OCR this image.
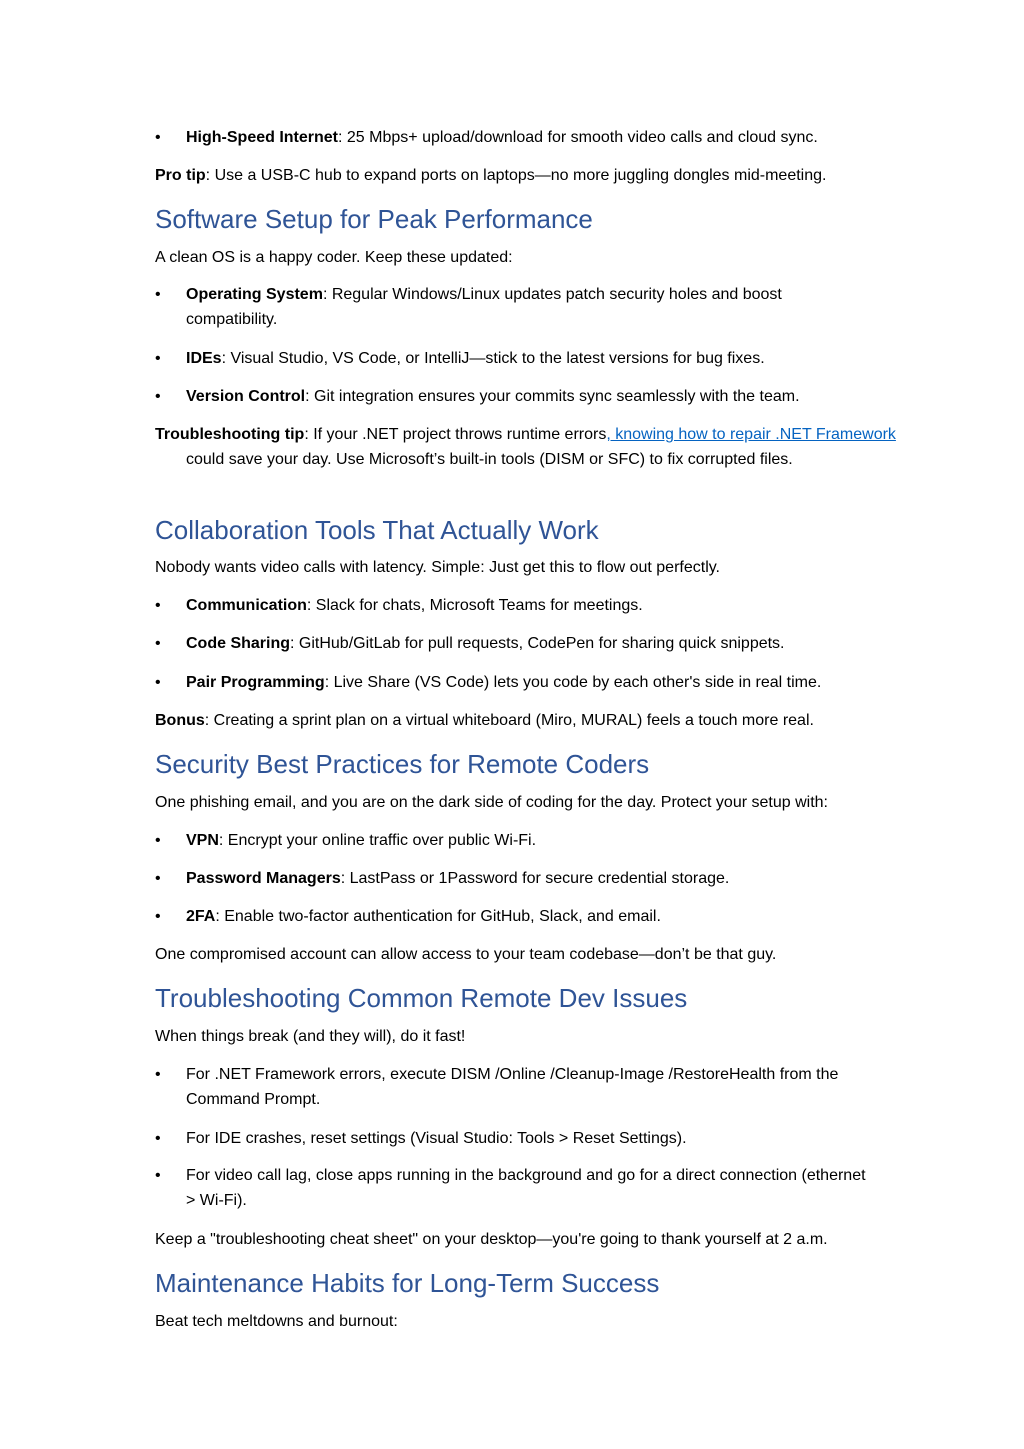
• High-Speed Internet: 25 Mbps+ upload/download for smooth video calls and cloud sync.

Pro tip: Use a USB-C hub to expand ports on laptops—no more juggling dongles mid-meeting.

Software Setup for Peak Performance

A clean OS is a happy coder. Keep these updated:

• Operating System: Regular Windows/Linux updates patch security holes and boost compatibility.
• IDEs: Visual Studio, VS Code, or IntelliJ—stick to the latest versions for bug fixes.
• Version Control: Git integration ensures your commits sync seamlessly with the team.

Troubleshooting tip: If your .NET project throws runtime errors, knowing how to repair .NET Framework could save your day. Use Microsoft’s built-in tools (DISM or SFC) to fix corrupted files.

Collaboration Tools That Actually Work

Nobody wants video calls with latency. Simple: Just get this to flow out perfectly.

• Communication: Slack for chats, Microsoft Teams for meetings.
• Code Sharing: GitHub/GitLab for pull requests, CodePen for sharing quick snippets.
• Pair Programming: Live Share (VS Code) lets you code by each other's side in real time.

Bonus: Creating a sprint plan on a virtual whiteboard (Miro, MURAL) feels a touch more real.

Security Best Practices for Remote Coders

One phishing email, and you are on the dark side of coding for the day. Protect your setup with:

• VPN: Encrypt your online traffic over public Wi-Fi.
• Password Managers: LastPass or 1Password for secure credential storage.
• 2FA: Enable two-factor authentication for GitHub, Slack, and email.

One compromised account can allow access to your team codebase—don’t be that guy.

Troubleshooting Common Remote Dev Issues

When things break (and they will), do it fast!

• For .NET Framework errors, execute DISM /Online /Cleanup-Image /RestoreHealth from the Command Prompt.
• For IDE crashes, reset settings (Visual Studio: Tools > Reset Settings).
• For video call lag, close apps running in the background and go for a direct connection (ethernet > Wi-Fi).

Keep a "troubleshooting cheat sheet" on your desktop—you're going to thank yourself at 2 a.m.

Maintenance Habits for Long-Term Success

Beat tech meltdowns and burnout:
